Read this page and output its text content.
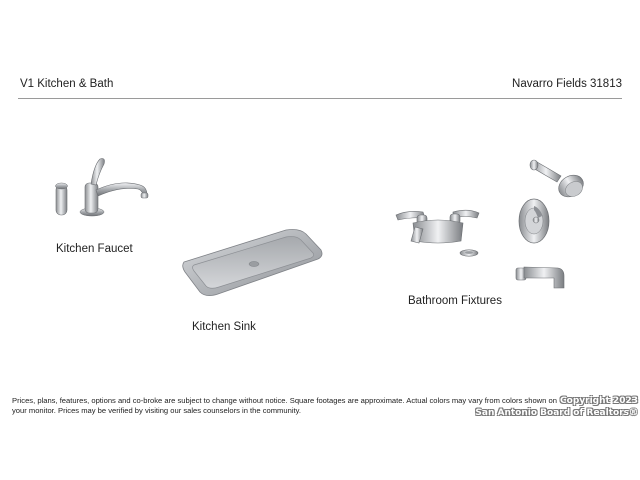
V1 Kitchen & Bath	Navarro Fields 31813
Kitchen Faucet
Kitchen Sink
Bathroom Fixtures
Prices, plans, features, options and co-broke are subject to change without notice. Square footages are approximate. Actual colors may vary from colors shown on your monitor. Prices may be verified by visiting our sales counselors in the community.
Copyright 2023
San Antonio Board of Realtors®
